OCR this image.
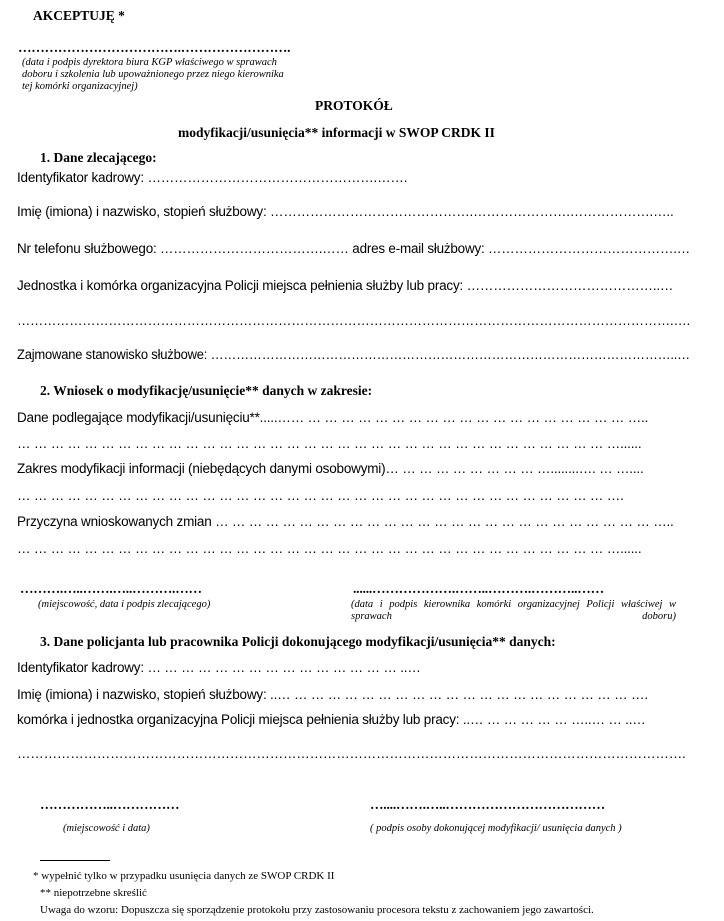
AKCEPTUJĘ *
……………………………….…………………….
(data i podpis dyrektora biura KGP właściwego w sprawach
doboru i szkolenia lub upoważnionego przez niego kierownika
tej komórki organizacyjnej)
PROTOKÓŁ
modyfikacji/usunięcia** informacji w SWOP CRDK II
1. Dane zlecającego:
Identyfikator kadrowy: …………………………………………….…….
Imię (imiona) i nazwisko, stopień służbowy: ……………………………………….………………….……………….…..
Nr telefonu służbowego: ……………………………….…… adres e-mail służbowy: …………………………………….…
Jednostka i komórka organizacyjna Policji miejsca pełnienia służby lub pracy: ……………………………………..…
…………………………………………………………………………………………………………………………………….….
Zajmowane stanowisko służbowe: ………………………………………………………………………………………………..…
2. Wniosek o modyfikację/usunięcie** danych w zakresie:
Dane podlegające modyfikacji/usunięciu**.....…… … … … … … … … … … … … … … … … … … … … …..
… … … … … … … … … … … … … … … … … … … … … … … … … … … … … … … … … … … …......
Zakres modyfikacji informacji (niebędących danymi osobowymi)… … … … … … … … … …........…. … …....
… … … … … … … … … … … … … … … … … … … … … … … … … … … … … … … … … … … ….
Przyczyna wnioskowanych zmian … … … … … … … … … … … … … … … … … … … … … … … … … … …..
… … … … … … … … … … … … … … … … … … … … … … … … … … … … … … … … … … … …......
……….…..…….…..……….……	......……………….……..……….………..……
(miejscowość, data i podpis zlecającego)	(data i podpis kierownika komórki organizacyjnej Policji właściwej w sprawach doboru)
3. Dane policjanta lub pracownika Policji dokonującego modyfikacji/usunięcia** danych:
Identyfikator kadrowy: … … … … … … … … … … … … … … … ..…
Imię (imiona) i nazwisko, stopień służbowy: ..… … … … … … … … … … … … … … … … … … … … … ….
komórka i jednostka organizacyjna Policji miejsca pełnienia służby lub pracy: ..… … … … … … …..… … ..…
…………………………………………………………………………………………………………………………………….
……………..……………	…....…….…..………………………………
(miejscowość i data)	( podpis osoby dokonującej modyfikacji/ usunięcia danych )
* wypełnić tylko w przypadku usunięcia danych ze SWOP CRDK II
** niepotrzebne skreślić
Uwaga do wzoru: Dopuszcza się sporządzenie protokołu przy zastosowaniu procesora tekstu z zachowaniem jego zawartości.
